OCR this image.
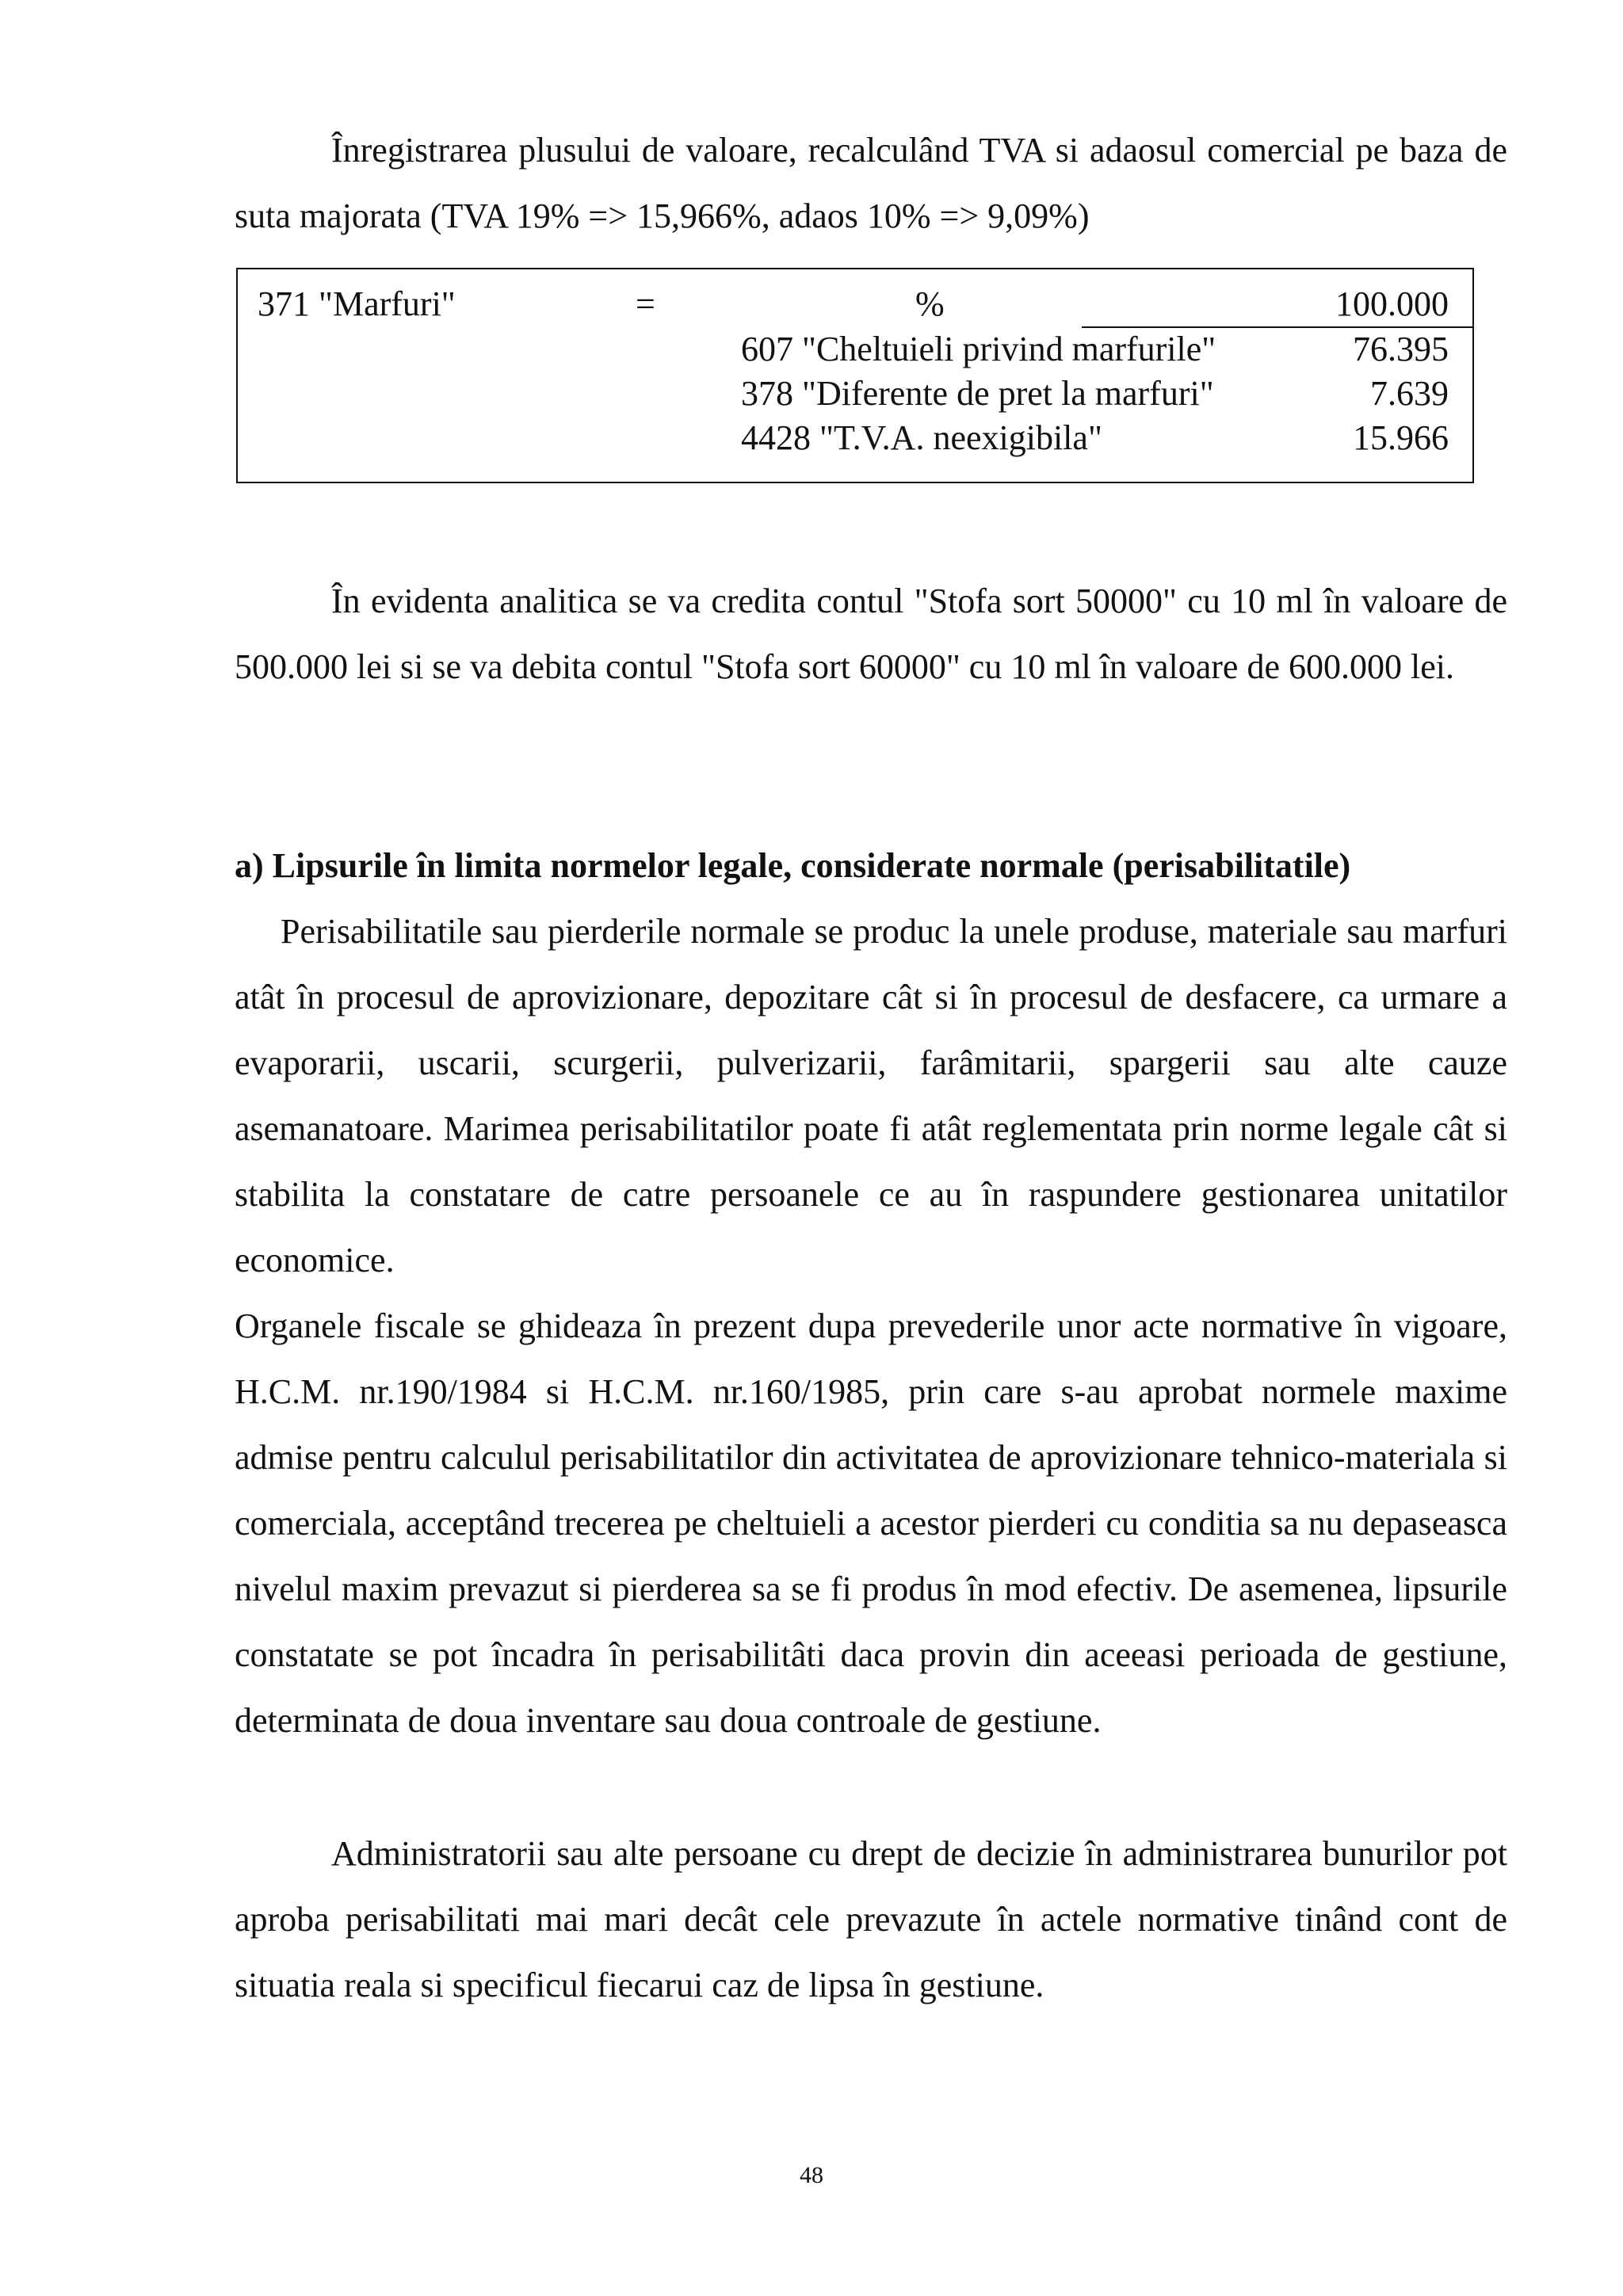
Înregistrarea plusului de valoare, recalculând TVA si adaosul comercial pe baza de suta majorata (TVA 19% => 15,966%, adaos 10% => 9,09%)

371 "Marfuri"	=	%	100.000
607 "Cheltuieli privind marfurile"	76.395
378 "Diferente de pret la marfuri"	7.639
4428 "T.V.A. neexigibila"	15.966

În evidenta analitica se va credita contul "Stofa sort 50000" cu 10 ml în valoare de 500.000 lei si se va debita contul "Stofa sort 60000" cu 10 ml în valoare de 600.000 lei.

a) Lipsurile în limita normelor legale, considerate normale (perisabilitatile)

Perisabilitatile sau pierderile normale se produc la unele produse, materiale sau marfuri atât în procesul de aprovizionare, depozitare cât si în procesul de desfacere, ca urmare a evaporarii, uscarii, scurgerii, pulverizarii, farâmitarii, spargerii sau alte cauze asemanatoare. Marimea perisabilitatilor poate fi atât reglementata prin norme legale cât si stabilita la constatare de catre persoanele ce au în raspundere gestionarea unitatilor economice.

Organele fiscale se ghideaza în prezent dupa prevederile unor acte normative în vigoare, H.C.M. nr.190/1984 si H.C.M. nr.160/1985, prin care s-au aprobat normele maxime admise pentru calculul perisabilitatilor din activitatea de aprovizionare tehnico-materiala si comerciala, acceptând trecerea pe cheltuieli a acestor pierderi cu conditia sa nu depaseasca nivelul maxim prevazut si pierderea sa se fi produs în mod efectiv. De asemenea, lipsurile constatate se pot încadra în perisabilitâti daca provin din aceeasi perioada de gestiune, determinata de doua inventare sau doua controale de gestiune.

Administratorii sau alte persoane cu drept de decizie în administrarea bunurilor pot aproba perisabilitati mai mari decât cele prevazute în actele normative tinând cont de situatia reala si specificul fiecarui caz de lipsa în gestiune.

48
